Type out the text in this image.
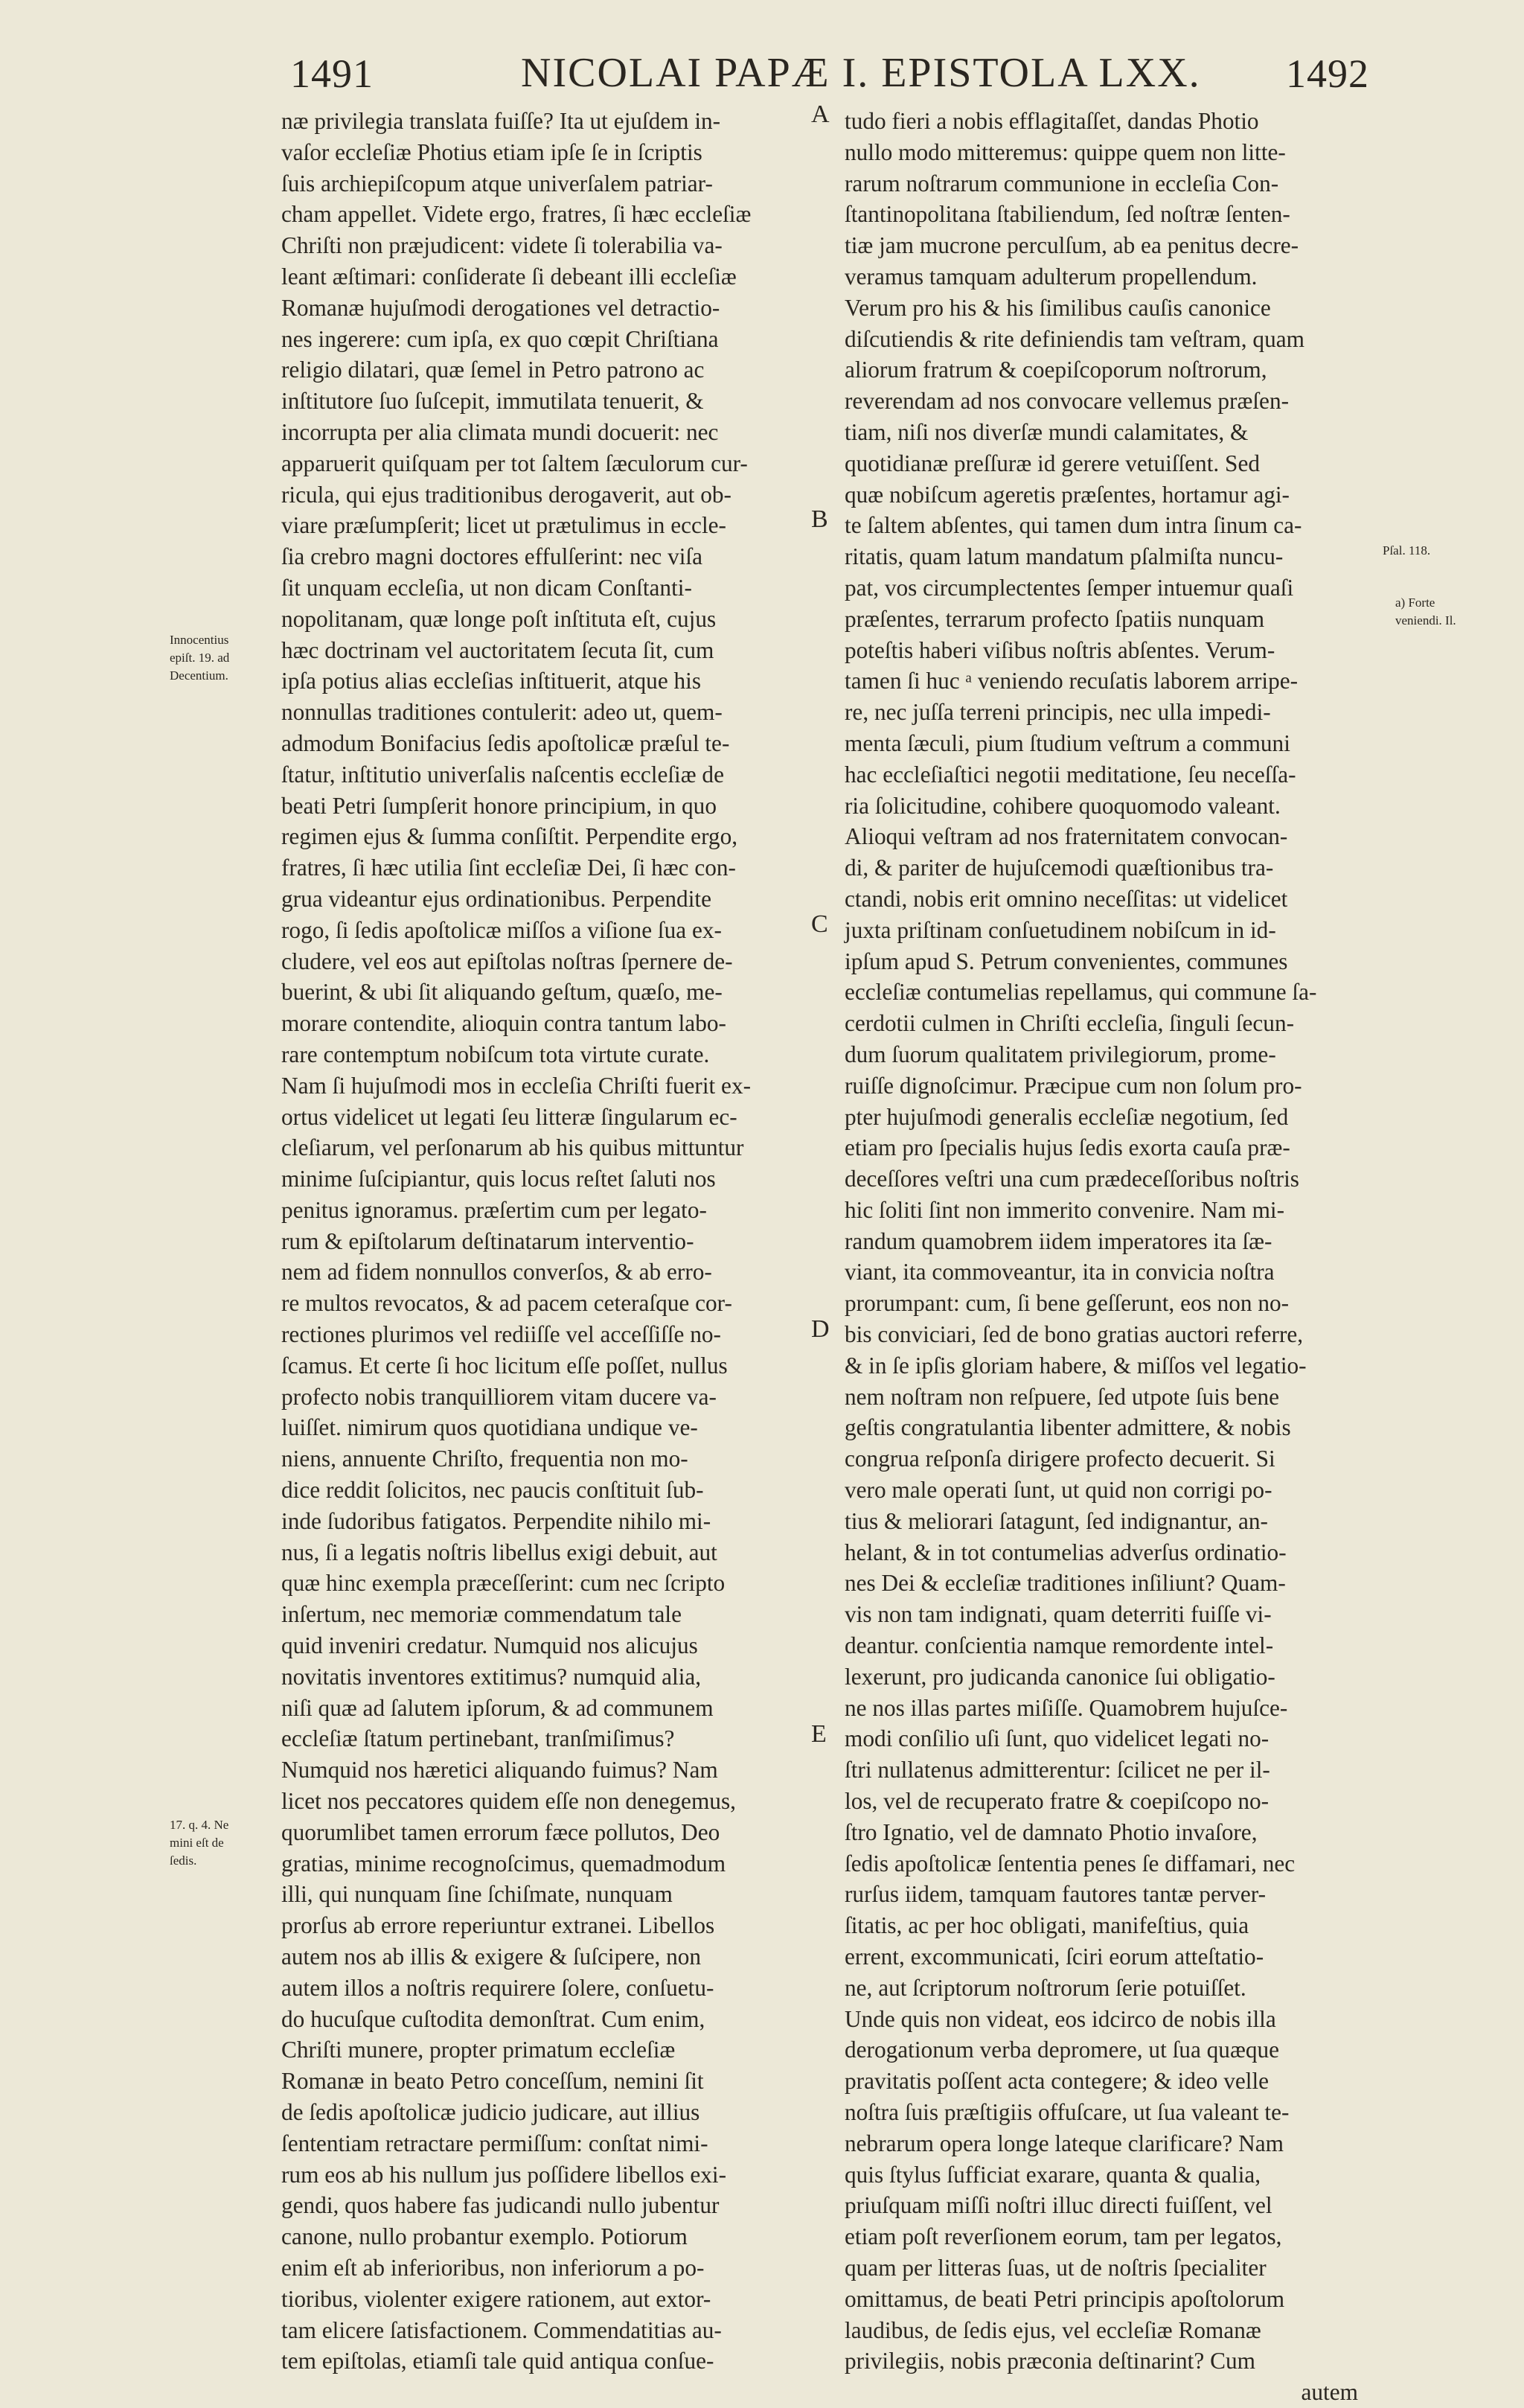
1491	NICOLAI PAPÆ I. EPISTOLA LXX. 1492
næ privilegia translata fuiſſe? Ita ut ejuſdem in-
vaſor eccleſiæ Photius etiam ipſe ſe in ſcriptis
ſuis archiepiſcopum atque univerſalem patriar-
cham appellet. Videte ergo, fratres, ſi hæc eccleſiæ
Chriſti non præjudicent: videte ſi tolerabilia va-
leant æſtimari: conſiderate ſi debeant illi eccleſiæ
Romanæ hujuſmodi derogationes vel detractio-
nes ingerere: cum ipſa, ex quo cœpit Chriſtiana
religio dilatari, quæ ſemel in Petro patrono ac
inſtitutore ſuo ſuſcepit, immutilata tenuerit, &
incorrupta per alia climata mundi docuerit: nec
apparuerit quiſquam per tot ſaltem ſæculorum cur-
ricula, qui ejus traditionibus derogaverit, aut ob-
viare præſumpſerit; licet ut prætulimus in eccle-
ſia crebro magni doctores effulſerint: nec viſa
ſit unquam eccleſia, ut non dicam Conſtanti-
nopolitanam, quæ longe poſt inſtituta eſt, cujus
hæc doctrinam vel auctoritatem ſecuta ſit, cum
ipſa potius alias eccleſias inſtituerit, atque his
nonnullas traditiones contulerit: adeo ut, quem-
admodum Bonifacius ſedis apoſtolicæ præſul te-
ſtatur, inſtitutio univerſalis naſcentis eccleſiæ de
beati Petri ſumpſerit honore principium, in quo
regimen ejus & ſumma conſiſtit. Perpendite ergo,
fratres, ſi hæc utilia ſint eccleſiæ Dei, ſi hæc con-
grua videantur ejus ordinationibus. Perpendite
rogo, ſi ſedis apoſtolicæ miſſos a viſione ſua ex-
cludere, vel eos aut epiſtolas noſtras ſpernere de-
buerint, & ubi ſit aliquando geſtum, quæſo, me-
morare contendite, alioquin contra tantum labo-
rare contemptum nobiſcum tota virtute curate.
Nam ſi hujuſmodi mos in eccleſia Chriſti fuerit ex-
ortus videlicet ut legati ſeu litteræ ſingularum ec-
cleſiarum, vel perſonarum ab his quibus mittuntur
minime ſuſcipiantur, quis locus reſtet ſaluti nos
penitus ignoramus. præſertim cum per legato-
rum & epiſtolarum deſtinatarum interventio-
nem ad fidem nonnullos converſos, & ab erro-
re multos revocatos, & ad pacem ceteraſque cor-
rectiones plurimos vel rediiſſe vel acceſſiſſe no-
ſcamus. Et certe ſi hoc licitum eſſe poſſet, nullus
profecto nobis tranquilliorem vitam ducere va-
luiſſet. nimirum quos quotidiana undique ve-
niens, annuente Chriſto, frequentia non mo-
dice reddit ſolicitos, nec paucis conſtituit ſub-
inde ſudoribus fatigatos. Perpendite nihilo mi-
nus, ſi a legatis noſtris libellus exigi debuit, aut
quæ hinc exempla præceſſerint: cum nec ſcripto
inſertum, nec memoriæ commendatum tale
quid inveniri credatur. Numquid nos alicujus
novitatis inventores extitimus? numquid alia,
niſi quæ ad ſalutem ipſorum, & ad communem
eccleſiæ ſtatum pertinebant, tranſmiſimus?
Numquid nos hæretici aliquando fuimus? Nam
licet nos peccatores quidem eſſe non denegemus,
quorumlibet tamen errorum fæce pollutos, Deo
gratias, minime recognoſcimus, quemadmodum
illi, qui nunquam ſine ſchiſmate, nunquam
prorſus ab errore reperiuntur extranei. Libellos
autem nos ab illis & exigere & ſuſcipere, non
autem illos a noſtris requirere ſolere, conſuetu-
do hucuſque cuſtodita demonſtrat. Cum enim,
Chriſti munere, propter primatum eccleſiæ
Romanæ in beato Petro conceſſum, nemini ſit
de ſedis apoſtolicæ judicio judicare, aut illius
ſententiam retractare permiſſum: conſtat nimi-
rum eos ab his nullum jus poſſidere libellos exi-
gendi, quos habere fas judicandi nullo jubentur
canone, nullo probantur exemplo. Potiorum
enim eſt ab inferioribus, non inferiorum a po-
tioribus, violenter exigere rationem, aut extor-
tam elicere ſatisfactionem. Commendatitias au-
tem epiſtolas, etiamſi tale quid antiqua conſue-
tudo fieri a nobis efflagitaſſet, dandas Photio
nullo modo mitteremus: quippe quem non litte-
rarum noſtrarum communione in eccleſia Con-
ſtantinopolitana ſtabiliendum, ſed noſtræ ſenten-
tiæ jam mucrone perculſum, ab ea penitus decre-
veramus tamquam adulterum propellendum.
Verum pro his & his ſimilibus cauſis canonice
diſcutiendis & rite definiendis tam veſtram, quam
aliorum fratrum & coepiſcoporum noſtrorum,
reverendam ad nos convocare vellemus præſen-
tiam, niſi nos diverſæ mundi calamitates, &
quotidianæ preſſuræ id gerere vetuiſſent. Sed
quæ nobiſcum ageretis præſentes, hortamur agi-
te ſaltem abſentes, qui tamen dum intra ſinum ca-
ritatis, quam latum mandatum pſalmiſta nuncu-
pat, vos circumplectentes ſemper intuemur quaſi
præſentes, terrarum profecto ſpatiis nunquam
poteſtis haberi viſibus noſtris abſentes. Verum-
tamen ſi huc ᵃ veniendo recuſatis laborem arripe-
re, nec juſſa terreni principis, nec ulla impedi-
menta ſæculi, pium ſtudium veſtrum a communi
hac eccleſiaſtici negotii meditatione, ſeu neceſſa-
ria ſolicitudine, cohibere quoquomodo valeant.
Alioqui veſtram ad nos fraternitatem convocan-
di, & pariter de hujuſcemodi quæſtionibus tra-
ctandi, nobis erit omnino neceſſitas: ut videlicet
juxta priſtinam conſuetudinem nobiſcum in id-
ipſum apud S. Petrum convenientes, communes
eccleſiæ contumelias repellamus, qui commune ſa-
cerdotii culmen in Chriſti eccleſia, ſinguli ſecun-
dum ſuorum qualitatem privilegiorum, prome-
ruiſſe dignoſcimur. Præcipue cum non ſolum pro-
pter hujuſmodi generalis eccleſiæ negotium, ſed
etiam pro ſpecialis hujus ſedis exorta cauſa præ-
deceſſores veſtri una cum prædeceſſoribus noſtris
hic ſoliti ſint non immerito convenire. Nam mi-
randum quamobrem iidem imperatores ita ſæ-
viant, ita commoveantur, ita in convicia noſtra
prorumpant: cum, ſi bene geſſerunt, eos non no-
bis conviciari, ſed de bono gratias auctori referre,
& in ſe ipſis gloriam habere, & miſſos vel legatio-
nem noſtram non reſpuere, ſed utpote ſuis bene
geſtis congratulantia libenter admittere, & nobis
congrua reſponſa dirigere profecto decuerit. Si
vero male operati ſunt, ut quid non corrigi po-
tius & meliorari ſatagunt, ſed indignantur, an-
helant, & in tot contumelias adverſus ordinatio-
nes Dei & eccleſiæ traditiones inſiliunt? Quam-
vis non tam indignati, quam deterriti fuiſſe vi-
deantur. conſcientia namque remordente intel-
lexerunt, pro judicanda canonice ſui obligatio-
ne nos illas partes miſiſſe. Quamobrem hujuſce-
modi conſilio uſi ſunt, quo videlicet legati no-
ſtri nullatenus admitterentur: ſcilicet ne per il-
los, vel de recuperato fratre & coepiſcopo no-
ſtro Ignatio, vel de damnato Photio invaſore,
ſedis apoſtolicæ ſententia penes ſe diffamari, nec
rurſus iidem, tamquam fautores tantæ perver-
ſitatis, ac per hoc obligati, manifeſtius, quia
errent, excommunicati, ſciri eorum atteſtatio-
ne, aut ſcriptorum noſtrorum ſerie potuiſſet.
Unde quis non videat, eos idcirco de nobis illa
derogationum verba depromere, ut ſua quæque
pravitatis poſſent acta contegere; & ideo velle
noſtra ſuis præſtigiis offuſcare, ut ſua valeant te-
nebrarum opera longe lateque clarificare? Nam
quis ſtylus ſufficiat exarare, quanta & qualia,
priuſquam miſſi noſtri illuc directi fuiſſent, vel
etiam poſt reverſionem eorum, tam per legatos,
quam per litteras ſuas, ut de noſtris ſpecialiter
omittamus, de beati Petri principis apoſtolorum
laudibus, de ſedis ejus, vel eccleſiæ Romanæ
privilegiis, nobis præconia deſtinarint? Cum
autem
A
B
C
D
E
Innocentius
epiſt. 19. ad
Decentium.
17. q. 4. Ne
mini eſt de
ſedis.
Pſal. 118.
a) Forte
veniendi. Il.
